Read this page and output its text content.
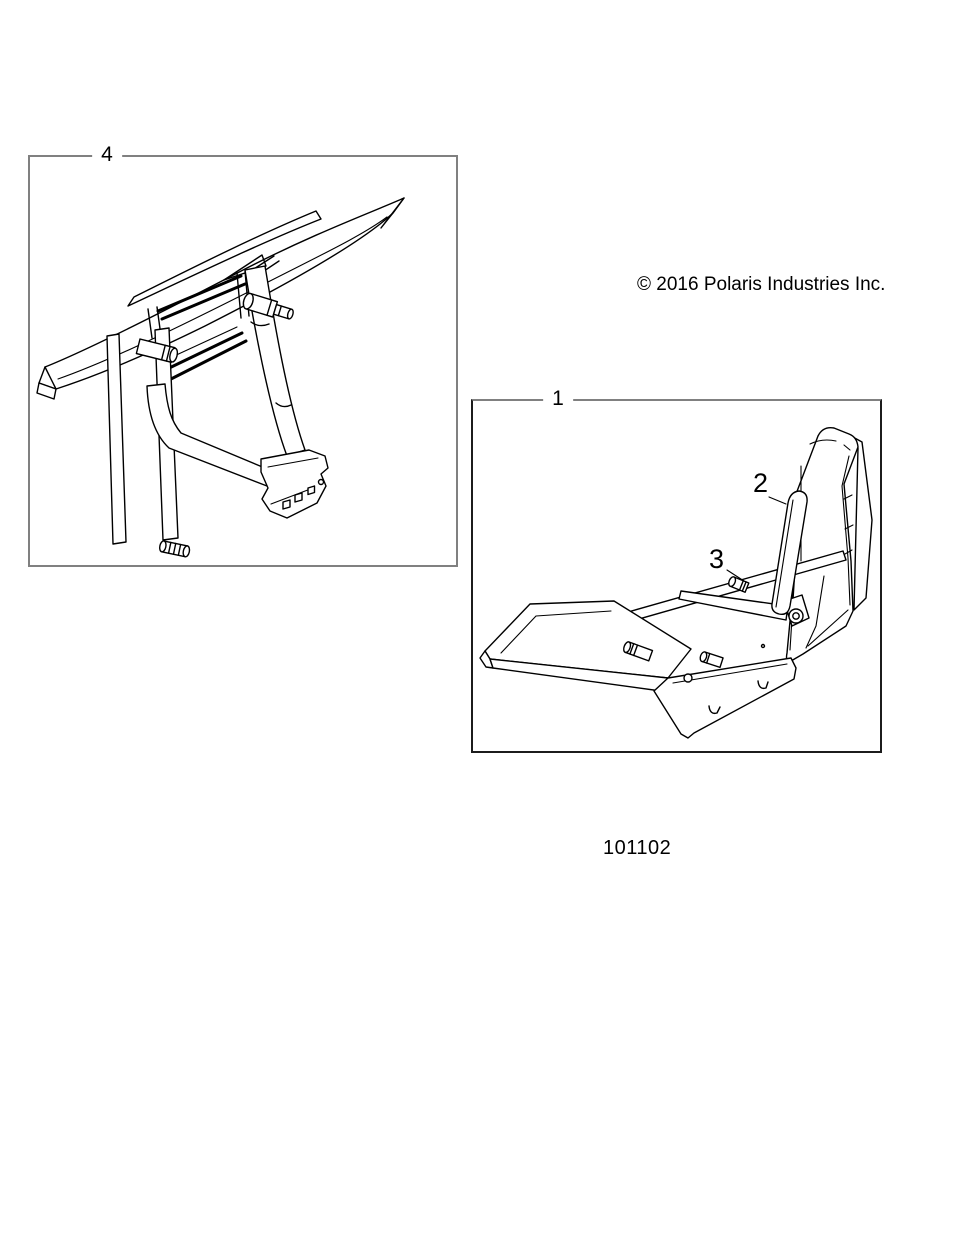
© 2016 Polaris Industries Inc.
4
1
2
3
101102
